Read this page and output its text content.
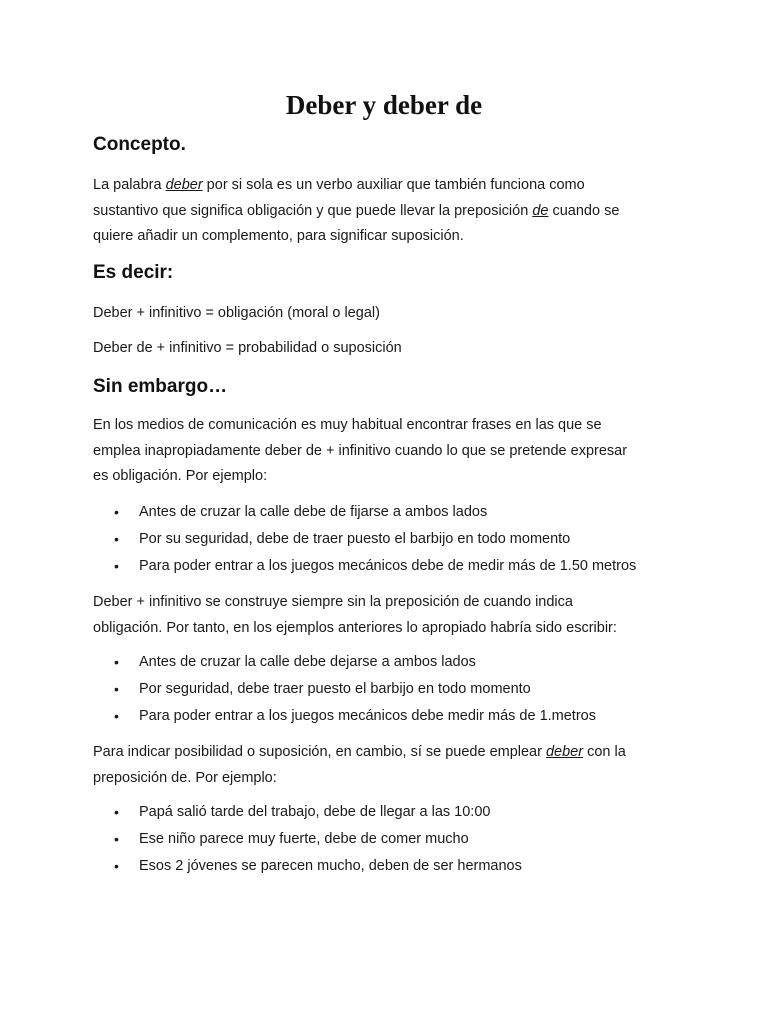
Deber y deber de
Concepto.

La palabra deber por si sola es un verbo auxiliar que también funciona como
sustantivo que significa obligación y que puede llevar la preposición de cuando se
quiere añadir un complemento, para significar suposición.

Es decir:

Deber + infinitivo = obligación (moral o legal)

Deber de + infinitivo = probabilidad o suposición

Sin embargo…

En los medios de comunicación es muy habitual encontrar frases en las que se
emplea inapropiadamente deber de + infinitivo cuando lo que se pretende expresar
es obligación. Por ejemplo:

• Antes de cruzar la calle debe de fijarse a ambos lados
• Por su seguridad, debe de traer puesto el barbijo en todo momento
• Para poder entrar a los juegos mecánicos debe de medir más de 1.50 metros

Deber + infinitivo se construye siempre sin la preposición de cuando indica
obligación. Por tanto, en los ejemplos anteriores lo apropiado habría sido escribir:

• Antes de cruzar la calle debe dejarse a ambos lados
• Por seguridad, debe traer puesto el barbijo en todo momento
• Para poder entrar a los juegos mecánicos debe medir más de 1.metros

Para indicar posibilidad o suposición, en cambio, sí se puede emplear deber con la
preposición de. Por ejemplo:

• Papá salió tarde del trabajo, debe de llegar a las 10:00
• Ese niño parece muy fuerte, debe de comer mucho
• Esos 2 jóvenes se parecen mucho, deben de ser hermanos
